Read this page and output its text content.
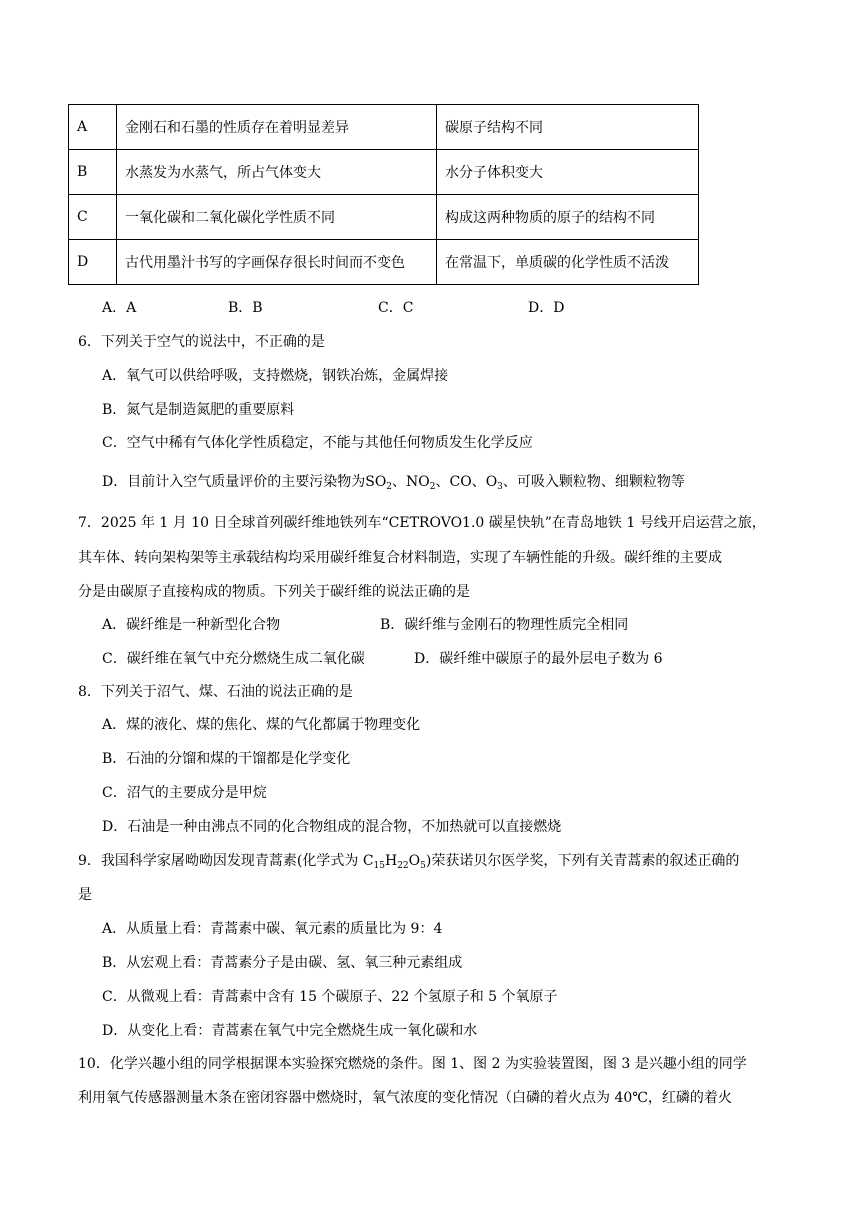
A	金刚石和石墨的性质存在着明显差异	碳原子结构不同
B	水蒸发为水蒸气，所占气体变大	水分子体积变大
C	一氧化碳和二氧化碳化学性质不同	构成这两种物质的原子的结构不同
D	古代用墨汁书写的字画保存很长时间而不变色	在常温下，单质碳的化学性质不活泼
A．A	B．B	C．C	D．D
6．下列关于空气的说法中，不正确的是
A．氧气可以供给呼吸，支持燃烧，钢铁冶炼，金属焊接
B．氮气是制造氮肥的重要原料
C．空气中稀有气体化学性质稳定，不能与其他任何物质发生化学反应
D．目前计入空气质量评价的主要污染物为$SO_2$、$NO_2$、CO、$O_3$、可吸入颗粒物、细颗粒物等
7．2025 年 1 月 10 日全球首列碳纤维地铁列车“CETROVO1.0 碳星快轨”在青岛地铁 1 号线开启运营之旅，
其车体、转向架构架等主承载结构均采用碳纤维复合材料制造，实现了车辆性能的升级。碳纤维的主要成
分是由碳原子直接构成的物质。下列关于碳纤维的说法正确的是
A．碳纤维是一种新型化合物	B．碳纤维与金刚石的物理性质完全相同
C．碳纤维在氧气中充分燃烧生成二氧化碳	D．碳纤维中碳原子的最外层电子数为 6
8．下列关于沼气、煤、石油的说法正确的是
A．煤的液化、煤的焦化、煤的气化都属于物理变化
B．石油的分馏和煤的干馏都是化学变化
C．沼气的主要成分是甲烷
D．石油是一种由沸点不同的化合物组成的混合物，不加热就可以直接燃烧
9．我国科学家屠呦呦因发现青蒿素(化学式为 $C_{15}H_{22}O_5$)荣获诺贝尔医学奖，下列有关青蒿素的叙述正确的
是
A．从质量上看：青蒿素中碳、氧元素的质量比为 9：4
B．从宏观上看：青蒿素分子是由碳、氢、氧三种元素组成
C．从微观上看：青蒿素中含有 15 个碳原子、22 个氢原子和 5 个氧原子
D．从变化上看：青蒿素在氧气中完全燃烧生成一氧化碳和水
10．化学兴趣小组的同学根据课本实验探究燃烧的条件。图 1、图 2 为实验装置图，图 3 是兴趣小组的同学
利用氧气传感器测量木条在密闭容器中燃烧时，氧气浓度的变化情况（白磷的着火点为 40℃，红磷的着火
